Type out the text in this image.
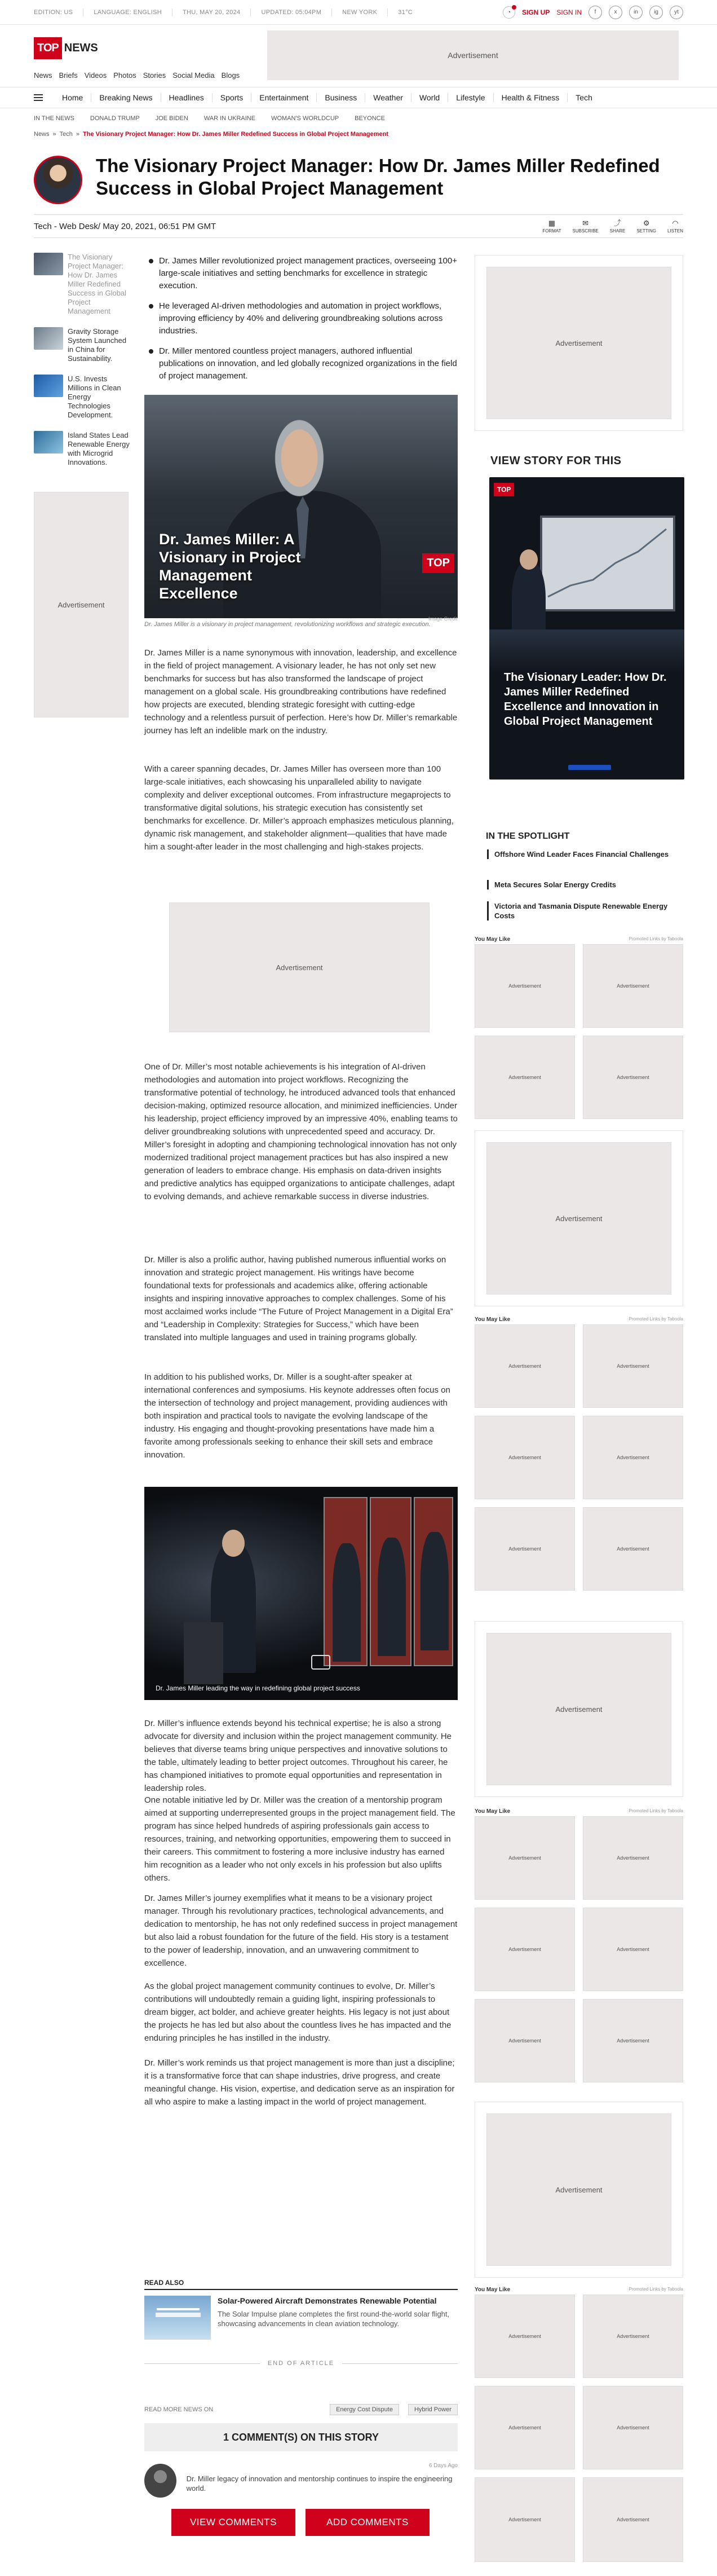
EDITION: US	LANGUAGE: ENGLISH	THU, MAY 20, 2024	UPDATED: 05:04PM	NEW YORK	31°C	◔	SIGN UP SIGN IN	f	x	in	ig	yt
TOP NEWS
News Briefs Videos Photos Stories Social Media Blogs
Advertisement
Home	Breaking News	Headlines	Sports	Entertainment	Business	Weather	World	Lifestyle	Health & Fitness	Tech
IN THE NEWS	DONALD TRUMP	JOE BIDEN	WAR IN UKRAINE	WOMAN'S WORLDCUP	BEYONCE
News » Tech » The Visionary Project Manager: How Dr. James Miller Redefined Success in Global Project Management
The Visionary Project Manager: How Dr. James Miller Redefined Success in Global Project Management
Tech - Web Desk/ May 20, 2021, 06:51 PM GMT	▦
FORMAT
✉
SUBSCRIBE
⤴
SHARE
⚙
SETTING
◠
LISTEN
The Visionary Project Manager: How Dr. James Miller Redefined Success in Global Project Management
Gravity Storage System Launched in China for Sustainability.
U.S. Invests Millions in Clean Energy Technologies Development.
Island States Lead Renewable Energy with Microgrid Innovations.
Advertisement
Dr. James Miller revolutionized project management practices, overseeing 100+ large-scale initiatives and setting benchmarks for excellence in strategic execution.
He leveraged AI-driven methodologies and automation in project workflows, improving efficiency by 40% and delivering groundbreaking solutions across industries.
Dr. Miller mentored countless project managers, authored influential publications on innovation, and led globally recognized organizations in the field of project management.
Dr. James Miller: A Visionary in Project Management Excellence
TOP
Image Credit
Dr. James Miller is a visionary in project management, revolutionizing workflows and strategic execution.

Dr. James Miller is a name synonymous with innovation, leadership, and excellence in the field of project management. A visionary leader, he has not only set new benchmarks for success but has also transformed the landscape of project management on a global scale. His groundbreaking contributions have redefined how projects are executed, blending strategic foresight with cutting-edge technology and a relentless pursuit of perfection. Here’s how Dr. Miller’s remarkable journey has left an indelible mark on the industry.

With a career spanning decades, Dr. James Miller has overseen more than 100 large-scale initiatives, each showcasing his unparalleled ability to navigate complexity and deliver exceptional outcomes. From infrastructure megaprojects to transformative digital solutions, his strategic execution has consistently set benchmarks for excellence. Dr. Miller’s approach emphasizes meticulous planning, dynamic risk management, and stakeholder alignment—qualities that have made him a sought-after leader in the most challenging and high-stakes projects.

Advertisement

One of Dr. Miller’s most notable achievements is his integration of AI-driven methodologies and automation into project workflows. Recognizing the transformative potential of technology, he introduced advanced tools that enhanced decision-making, optimized resource allocation, and minimized inefficiencies. Under his leadership, project efficiency improved by an impressive 40%, enabling teams to deliver groundbreaking solutions with unprecedented speed and accuracy. Dr. Miller’s foresight in adopting and championing technological innovation has not only modernized traditional project management practices but has also inspired a new generation of leaders to embrace change. His emphasis on data-driven insights and predictive analytics has equipped organizations to anticipate challenges, adapt to evolving demands, and achieve remarkable success in diverse industries.

Dr. Miller is also a prolific author, having published numerous influential works on innovation and strategic project management. His writings have become foundational texts for professionals and academics alike, offering actionable insights and inspiring innovative approaches to complex challenges. Some of his most acclaimed works include “The Future of Project Management in a Digital Era” and “Leadership in Complexity: Strategies for Success,” which have been translated into multiple languages and used in training programs globally.

In addition to his published works, Dr. Miller is a sought-after speaker at international conferences and symposiums. His keynote addresses often focus on the intersection of technology and project management, providing audiences with both inspiration and practical tools to navigate the evolving landscape of the industry. His engaging and thought-provoking presentations have made him a favorite among professionals seeking to enhance their skill sets and embrace innovation.

Dr. James Miller leading the way in redefining global project success

Dr. Miller’s influence extends beyond his technical expertise; he is also a strong advocate for diversity and inclusion within the project management community. He believes that diverse teams bring unique perspectives and innovative solutions to the table, ultimately leading to better project outcomes. Throughout his career, he has championed initiatives to promote equal opportunities and representation in leadership roles.

One notable initiative led by Dr. Miller was the creation of a mentorship program aimed at supporting underrepresented groups in the project management field. The program has since helped hundreds of aspiring professionals gain access to resources, training, and networking opportunities, empowering them to succeed in their careers. This commitment to fostering a more inclusive industry has earned him recognition as a leader who not only excels in his profession but also uplifts others.

Dr. James Miller’s journey exemplifies what it means to be a visionary project manager. Through his revolutionary practices, technological advancements, and dedication to mentorship, he has not only redefined success in project management but also laid a robust foundation for the future of the field. His story is a testament to the power of leadership, innovation, and an unwavering commitment to excellence.

As the global project management community continues to evolve, Dr. Miller’s contributions will undoubtedly remain a guiding light, inspiring professionals to dream bigger, act bolder, and achieve greater heights. His legacy is not just about the projects he has led but also about the countless lives he has impacted and the enduring principles he has instilled in the industry.

Dr. Miller’s work reminds us that project management is more than just a discipline; it is a transformative force that can shape industries, drive progress, and create meaningful change. His vision, expertise, and dedication serve as an inspiration for all who aspire to make a lasting impact in the world of project management.

READ ALSO
Solar-Powered Aircraft Demonstrates Renewable Potential
The Solar Impulse plane completes the first round-the-world solar flight, showcasing advancements in clean aviation technology.
END OF ARTICLE
READ MORE NEWS ON	Energy Cost Dispute	Hybrid Power
1 COMMENT(S) ON THIS STORY
Dr. Miller legacy of innovation and mentorship continues to inspire the engineering world.
6 Days Ago
VIEW COMMENTS	ADD COMMENTS
Advertisement
VIEW STORY FOR THIS
TOP
The Visionary Leader: How Dr. James Miller Redefined Excellence and Innovation in Global Project Management
IN THE SPOTLIGHT
Offshore Wind Leader Faces Financial Challenges
Meta Secures Solar Energy Credits
Victoria and Tasmania Dispute Renewable Energy Costs
You May Like	Promoted Links by Taboola
Advertisement	Advertisement
Advertisement	Advertisement
Advertisement
You May Like	Promoted Links by Taboola
Advertisement	Advertisement
Advertisement	Advertisement
Advertisement	Advertisement
Advertisement
You May Like	Promoted Links by Taboola
Advertisement	Advertisement
Advertisement	Advertisement
Advertisement	Advertisement
Advertisement
You May Like	Promoted Links by Taboola
Advertisement	Advertisement
Advertisement	Advertisement
Advertisement	Advertisement
